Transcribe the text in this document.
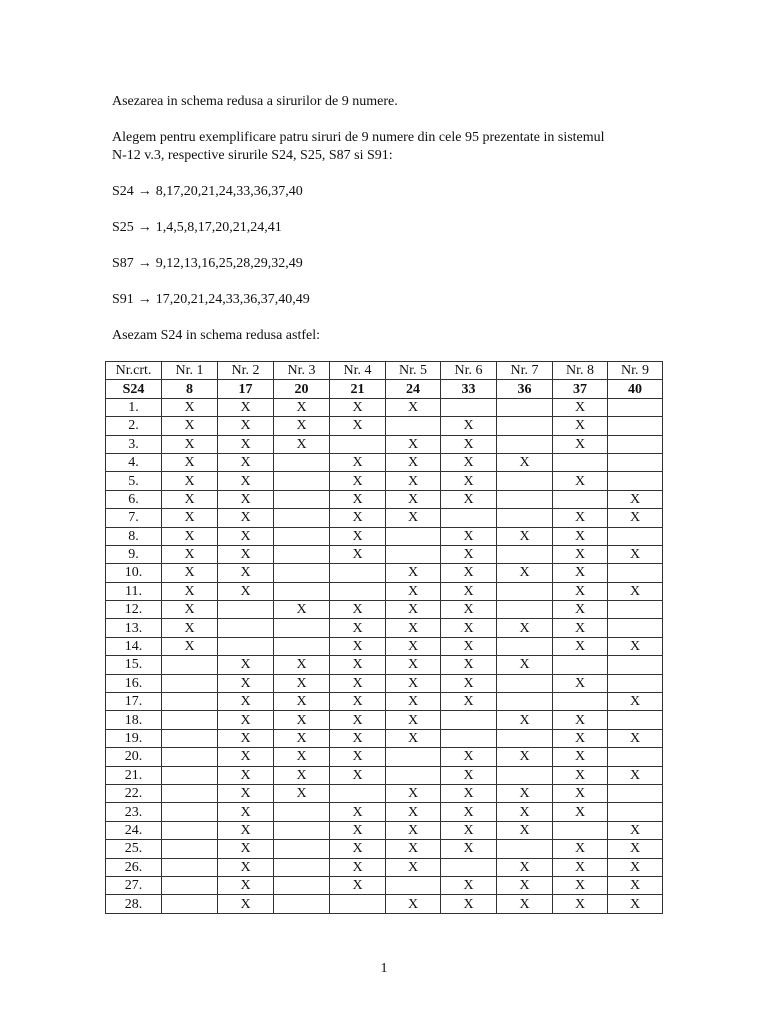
Asezarea in schema redusa a sirurilor de 9 numere.
Alegem pentru exemplificare patru siruri de 9 numere din cele 95 prezentate in sistemul
N-12 v.3, respective sirurile S24, S25, S87 si S91:
S24 → 8,17,20,21,24,33,36,37,40
S25 → 1,4,5,8,17,20,21,24,41
S87 → 9,12,13,16,25,28,29,32,49
S91 → 17,20,21,24,33,36,37,40,49
Asezam S24 in schema redusa astfel:
Nr.crt.	Nr. 1	Nr. 2	Nr. 3	Nr. 4	Nr. 5	Nr. 6	Nr. 7	Nr. 8	Nr. 9
S24	8	17	20	21	24	33	36	37	40
1.	X	X	X	X	X			X	
2.	X	X	X	X		X		X	
3.	X	X	X		X	X		X	
4.	X	X		X	X	X	X		
5.	X	X		X	X	X		X	
6.	X	X		X	X	X			X
7.	X	X		X	X			X	X
8.	X	X		X		X	X	X	
9.	X	X		X		X		X	X
10.	X	X			X	X	X	X	
11.	X	X			X	X		X	X
12.	X		X	X	X	X		X	
13.	X			X	X	X	X	X	
14.	X			X	X	X		X	X
15.		X	X	X	X	X	X		
16.		X	X	X	X	X		X	
17.		X	X	X	X	X			X
18.		X	X	X	X		X	X	
19.		X	X	X	X			X	X
20.		X	X	X		X	X	X	
21.		X	X	X		X		X	X
22.		X	X		X	X	X	X	
23.		X		X	X	X	X	X	
24.		X		X	X	X	X		X
25.		X		X	X	X		X	X
26.		X		X	X		X	X	X
27.		X		X		X	X	X	X
28.		X			X	X	X	X	X
1
